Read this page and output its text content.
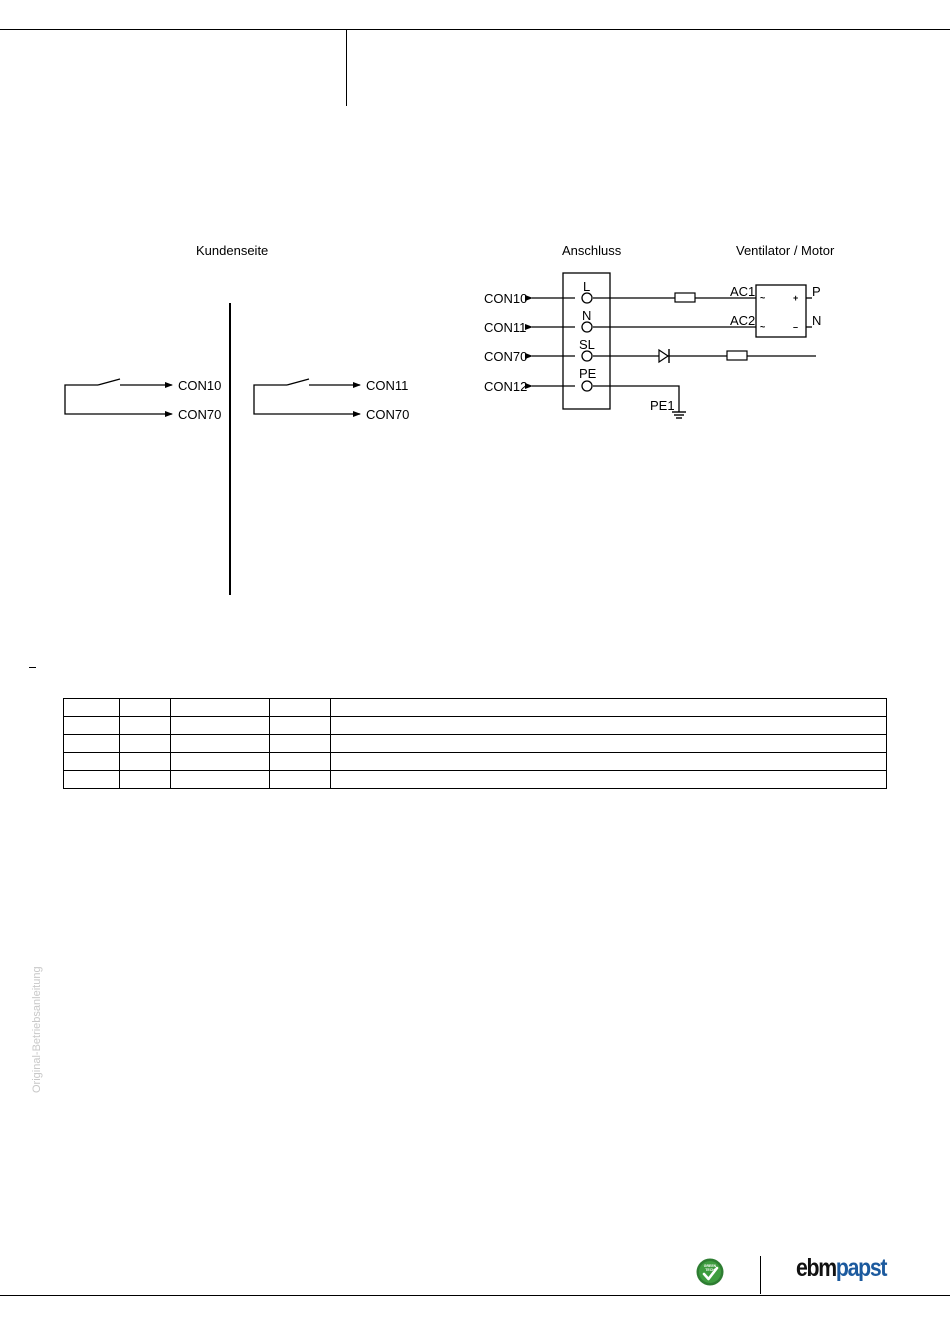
Kundenseite
CON10
CON70
CON11
CON70
Anschluss	Ventilator / Motor
CON10
L
CON11
N
CON70
SL
CON12
PE
PE1
AC1
AC2
~
~
+
–
P
N

Original-Betriebsanleitung
GREEN
TECH	ebmpapst
